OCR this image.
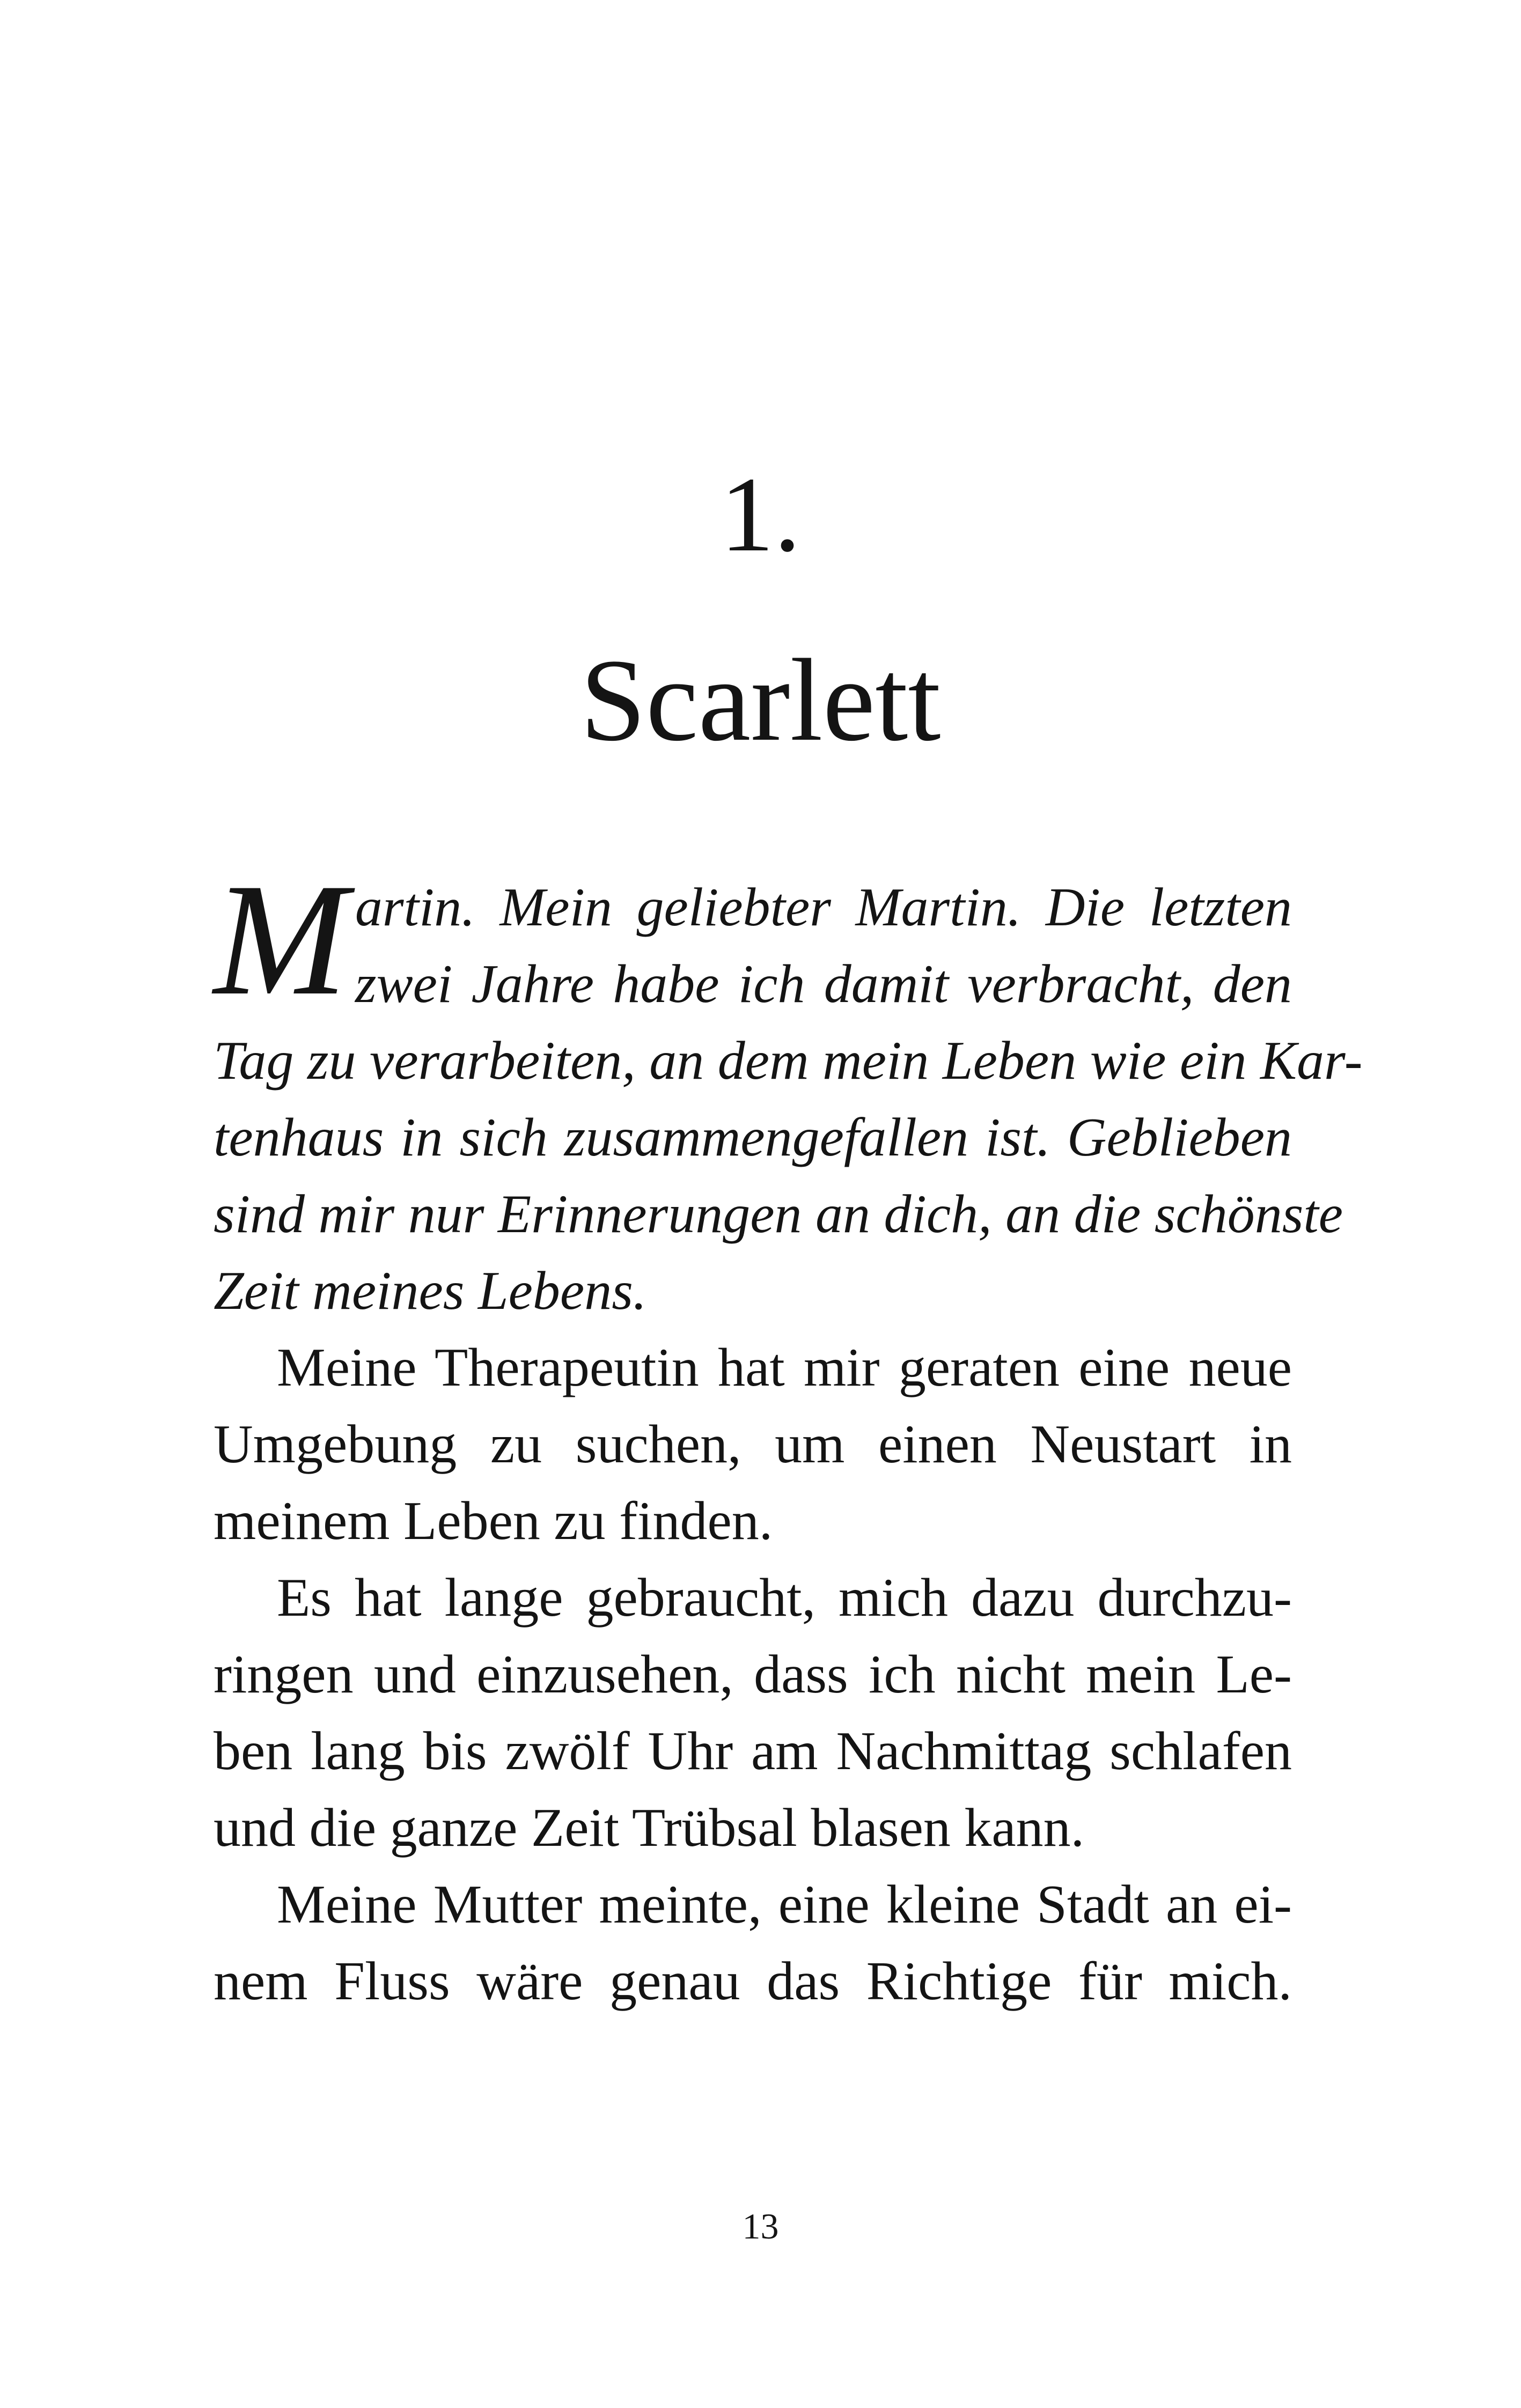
1.
Scarlett
M artin. Mein geliebter Martin. Die letzten
zwei Jahre habe ich damit verbracht, den
Tag zu verarbeiten, an dem mein Leben wie ein Kar-
tenhaus in sich zusammengefallen ist. Geblieben
sind mir nur Erinnerungen an dich, an die schönste
Zeit meines Lebens.
Meine Therapeutin hat mir geraten eine neue
Umgebung zu suchen, um einen Neustart in
meinem Leben zu finden.
Es hat lange gebraucht, mich dazu durchzu-
ringen und einzusehen, dass ich nicht mein Le-
ben lang bis zwölf Uhr am Nachmittag schlafen
und die ganze Zeit Trübsal blasen kann.
Meine Mutter meinte, eine kleine Stadt an ei-
nem Fluss wäre genau das Richtige für mich.
13
